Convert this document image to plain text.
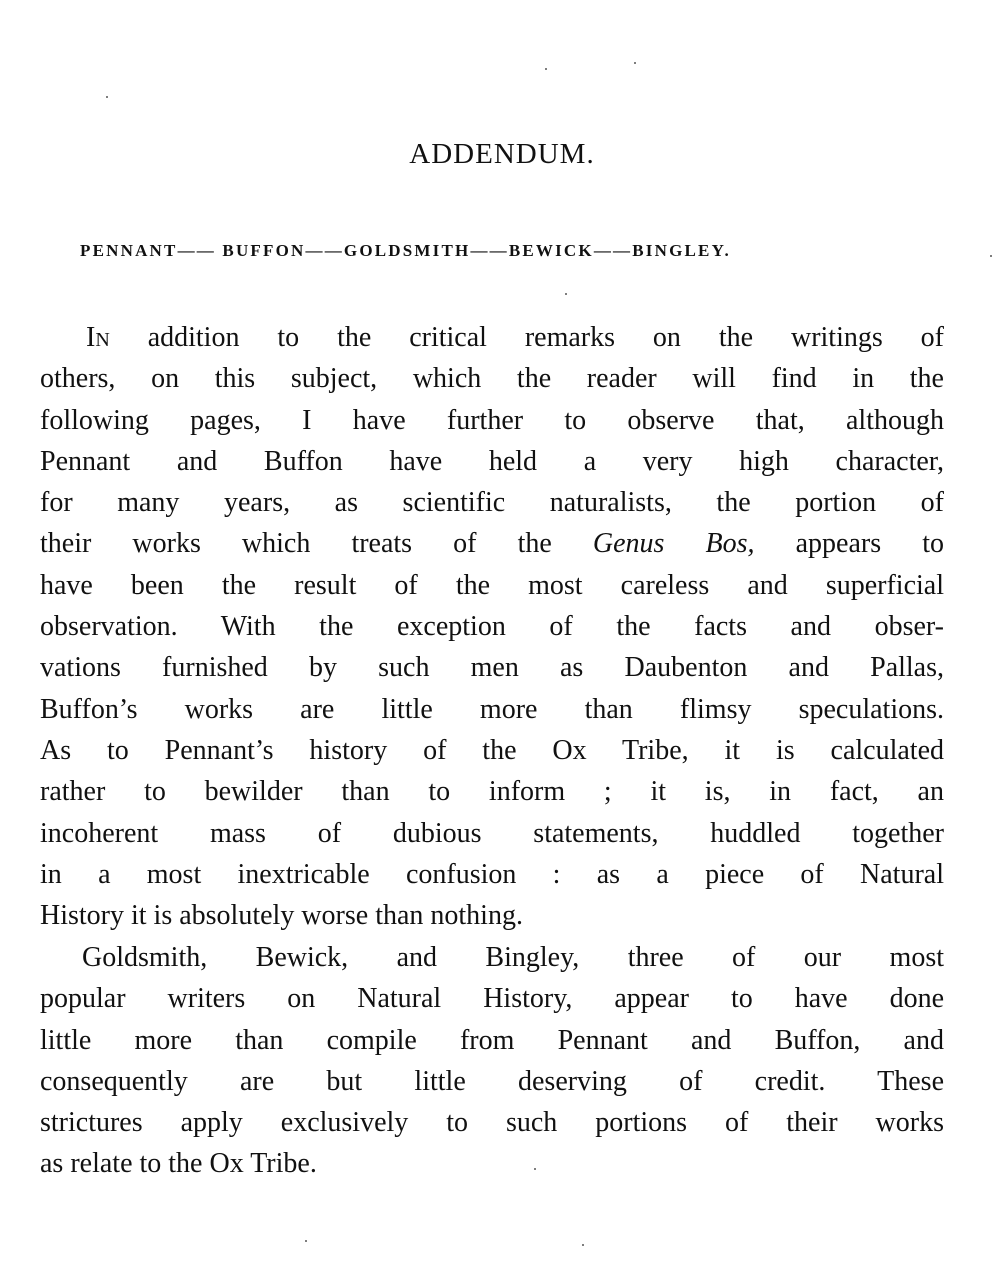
ADDENDUM.
PENNANT—— BUFFON——GOLDSMITH——BEWICK——BINGLEY.
In addition to the critical remarks on the writings of
others, on this subject, which the reader will find in the
following pages, I have further to observe that, although
Pennant and Buffon have held a very high character,
for many years, as scientific naturalists, the portion of
their works which treats of the Genus Bos, appears to
have been the result of the most careless and superficial
observation. With the exception of the facts and obser-
vations furnished by such men as Daubenton and Pallas,
Buffon’s works are little more than flimsy speculations.
As to Pennant’s history of the Ox Tribe, it is calculated
rather to bewilder than to inform ; it is, in fact, an
incoherent mass of dubious statements, huddled together
in a most inextricable confusion : as a piece of Natural
History it is absolutely worse than nothing.
Goldsmith, Bewick, and Bingley, three of our most
popular writers on Natural History, appear to have done
little more than compile from Pennant and Buffon, and
consequently are but little deserving of credit. These
strictures apply exclusively to such portions of their works
as relate to the Ox Tribe.
